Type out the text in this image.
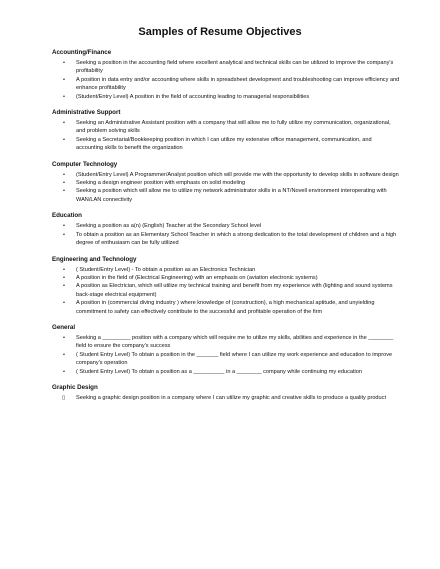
Samples of Resume Objectives
Accounting/Finance
• Seeking a position in the accounting field where excellent analytical and technical skills can be utilized to improve the company's profitability
• A position in data entry and/or accounting where skills in spreadsheet development and troubleshooting can improve efficiency and enhance profitability
• (Student/Entry Level) A position in the field of accounting leading to managerial responsibilities
Administrative Support
• Seeking an Administrative Assistant position with a company that will allow me to fully utilize my communication, organizational, and problem solving skills
• Seeking a Secretarial/Bookkeeping position in which I can utilize my extensive office management, communication, and accounting skills to benefit the organization
Computer Technology
• (Student/Entry Level) A Programmer/Analyst position which will provide me with the opportunity to develop skills in software design
• Seeking a design engineer position with emphasis on solid modeling
• Seeking a position which will allow me to utilize my network administrator skills in a NT/Novell environment interoperating with WAN/LAN connectivity
Education
• Seeking a position as a(n) (English) Teacher at the Secondary School level
• To obtain a position as an Elementary School Teacher in which a strong dedication to the total development of children and a high degree of enthusiasm can be fully utilized
Engineering and Technology
• ( Student/Entry Level) - To obtain a position as an Electronics Technician
• A position in the field of (Electrical Engineering) with an emphasis on (aviation electronic systems)
• A position as Electrician, which will utilize my technical training and benefit from my experience with (lighting and sound systems back-stage electrical equipment)
• A position in (commercial diving industry ) where knowledge of (construction), a high mechanical aptitude, and unyielding commitment to safety can effectively contribute to the successful and profitable operation of the firm
General
• Seeking a _________ position with a company which will require me to utilize my skills, abilities and experience in the ________ field to ensure the company's success
• ( Student Entry Level) To obtain a position in the _______ field where I can utilize my work experience and education to improve company's operation
• ( Student Entry Level) To obtain a position as a __________ in a ________ company while continuing my education
Graphic Design
▯ Seeking a graphic design position in a company where I can utilize my graphic and creative skills to produce a quality product
